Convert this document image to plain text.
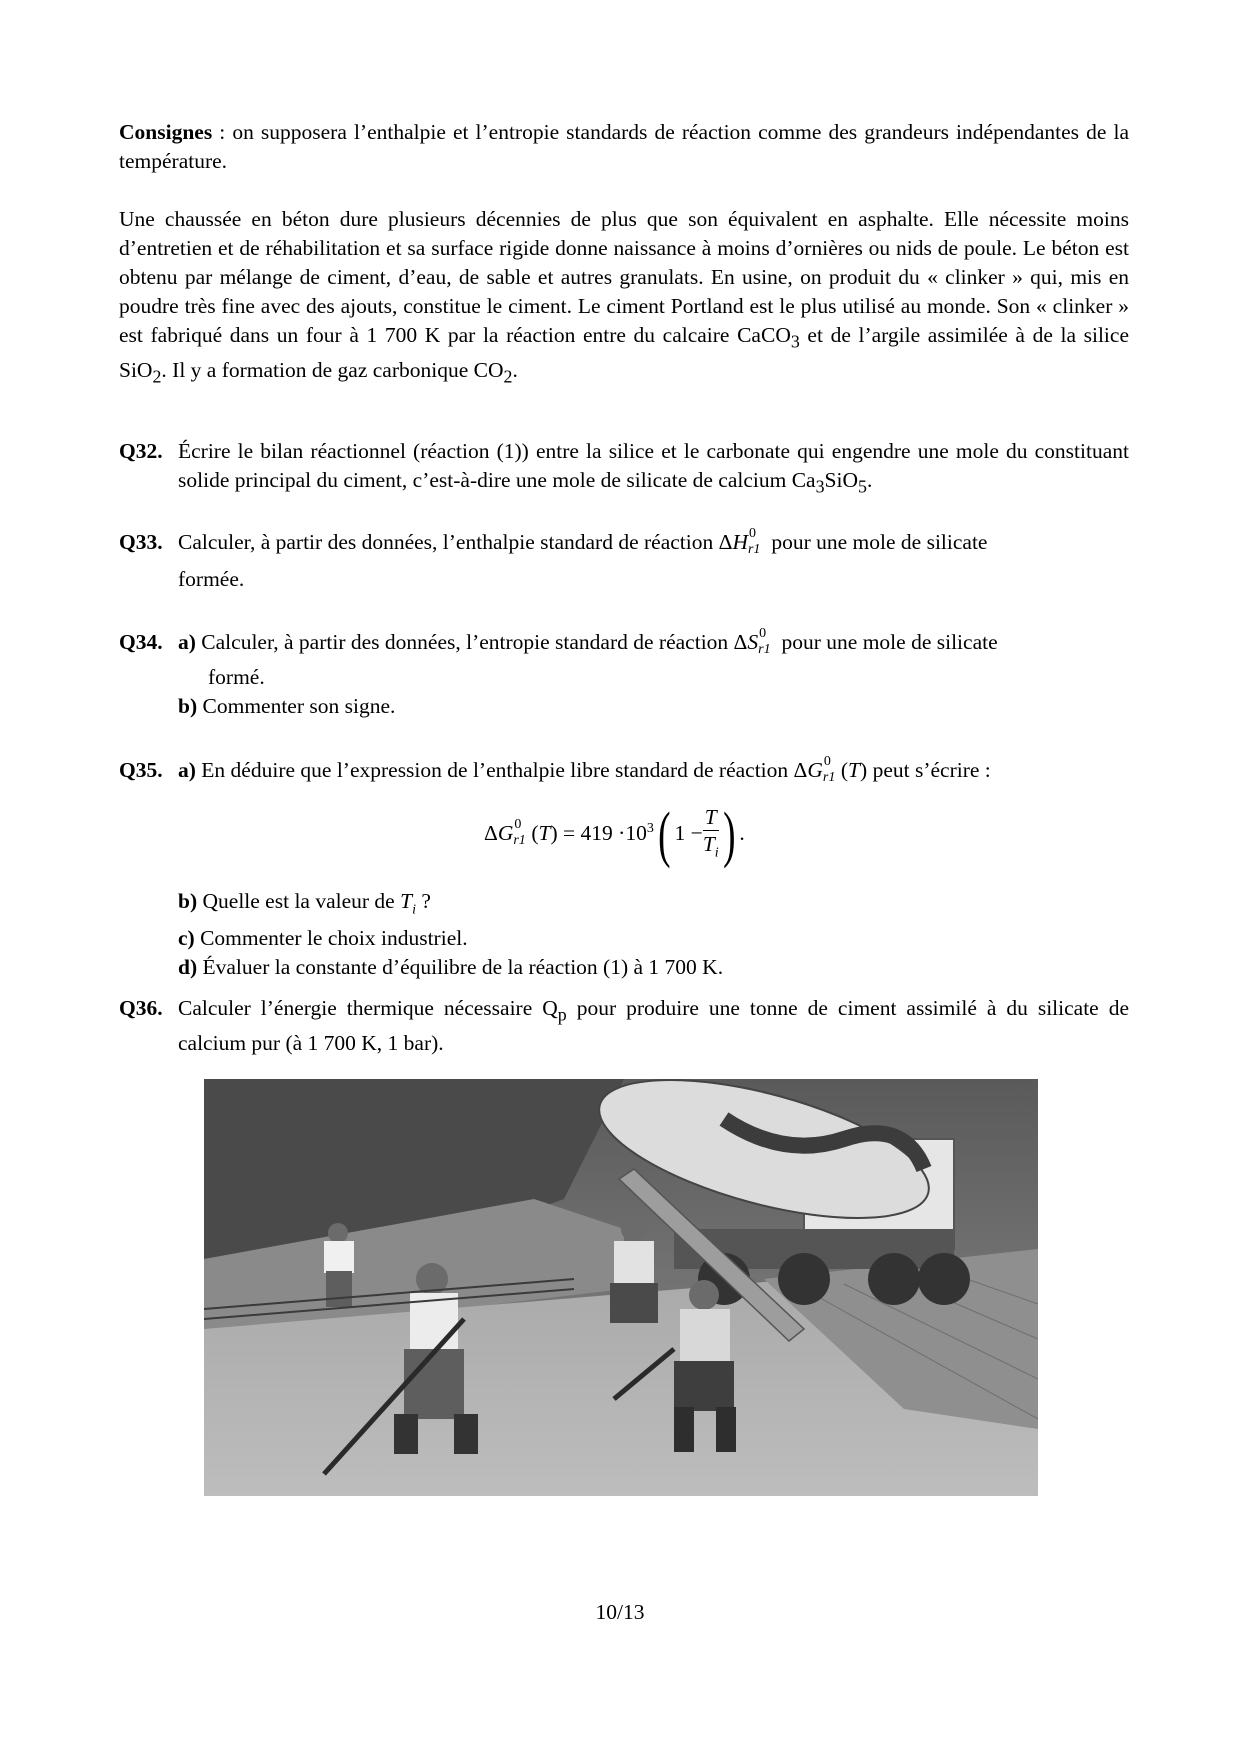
Consignes : on supposera l’enthalpie et l’entropie standards de réaction comme des grandeurs indépendantes de la température.
Une chaussée en béton dure plusieurs décennies de plus que son équivalent en asphalte. Elle nécessite moins d’entretien et de réhabilitation et sa surface rigide donne naissance à moins d’ornières ou nids de poule. Le béton est obtenu par mélange de ciment, d’eau, de sable et autres granulats. En usine, on produit du « clinker » qui, mis en poudre très fine avec des ajouts, constitue le ciment. Le ciment Portland est le plus utilisé au monde. Son « clinker » est fabriqué dans un four à 1 700 K par la réaction entre du calcaire CaCO$_3$ et de l’argile assimilée à de la silice SiO$_2$. Il y a formation de gaz carbonique $CO_2$.
Q32. Écrire le bilan réactionnel (réaction (1)) entre la silice et le carbonate qui engendre une mole du constituant solide principal du ciment, c’est-à-dire une mole de silicate de calcium $Ca_3SiO_5$.
Q33. Calculer, à partir des données, l’enthalpie standard de réaction ΔH 0
r1 pour une mole de silicate
formée.
Q34. a) Calculer, à partir des données, l’entropie standard de réaction ΔS 0
r1 pour une mole de silicate
formé.
b) Commenter son signe.
Q35. a) En déduire que l’expression de l’enthalpie libre standard de réaction ΔG 0
r1 (T) peut s’écrire :
ΔG 0
r1 $(T) = 419 \cdot 10^3$( $1 - \frac{T}{T_i}$ ) .
b) Quelle est la valeur de $T_i$ ?
c) Commenter le choix industriel.
d) Évaluer la constante d’équilibre de la réaction (1) à 1 700 K.
Q36. Calculer l’énergie thermique nécessaire $Q_p$ pour produire une tonne de ciment assimilé à du silicate de calcium pur (à 1 700 K, 1 bar).
10/13
